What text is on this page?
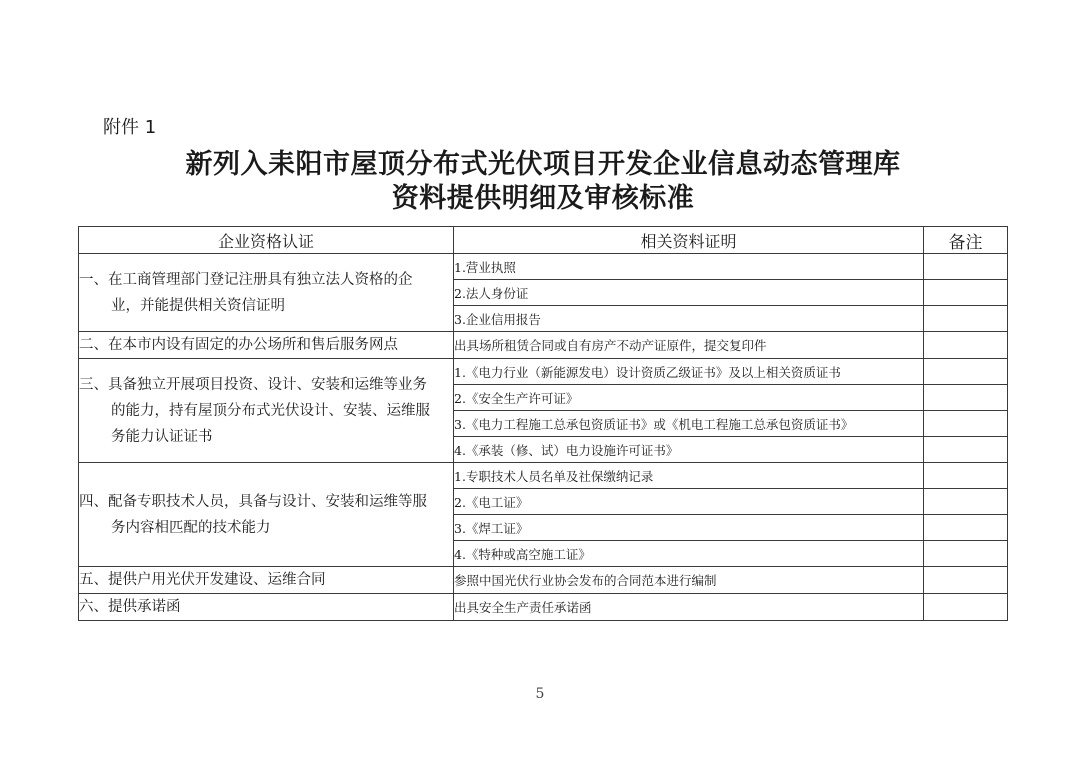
附件 1
新列入耒阳市屋顶分布式光伏项目开发企业信息动态管理库
资料提供明细及审核标准
企业资格认证	相关资料证明	备注

一、在工商管理部门登记注册具有独立法人资格的企
业，并能提供相关资信证明	1.营业执照	
	2.法人身份证	
	3.企业信用报告	
二、在本市内设有固定的办公场所和售后服务网点	出具场所租赁合同或自有房产不动产证原件，提交复印件	

三、具备独立开展项目投资、设计、安装和运维等业务
的能力，持有屋顶分布式光伏设计、安装、运维服
务能力认证证书	1.《电力行业（新能源发电）设计资质乙级证书》及以上相关资质证书	
	2.《安全生产许可证》	
	3.《电力工程施工总承包资质证书》或《机电工程施工总承包资质证书》	
	4.《承装（修、试）电力设施许可证书》	

四、配备专职技术人员，具备与设计、安装和运维等服
务内容相匹配的技术能力	1.专职技术人员名单及社保缴纳记录	
	2.《电工证》	
	3.《焊工证》	
	4.《特种或高空施工证》	
五、提供户用光伏开发建设、运维合同	参照中国光伏行业协会发布的合同范本进行编制	
六、提供承诺函	出具安全生产责任承诺函	
5
